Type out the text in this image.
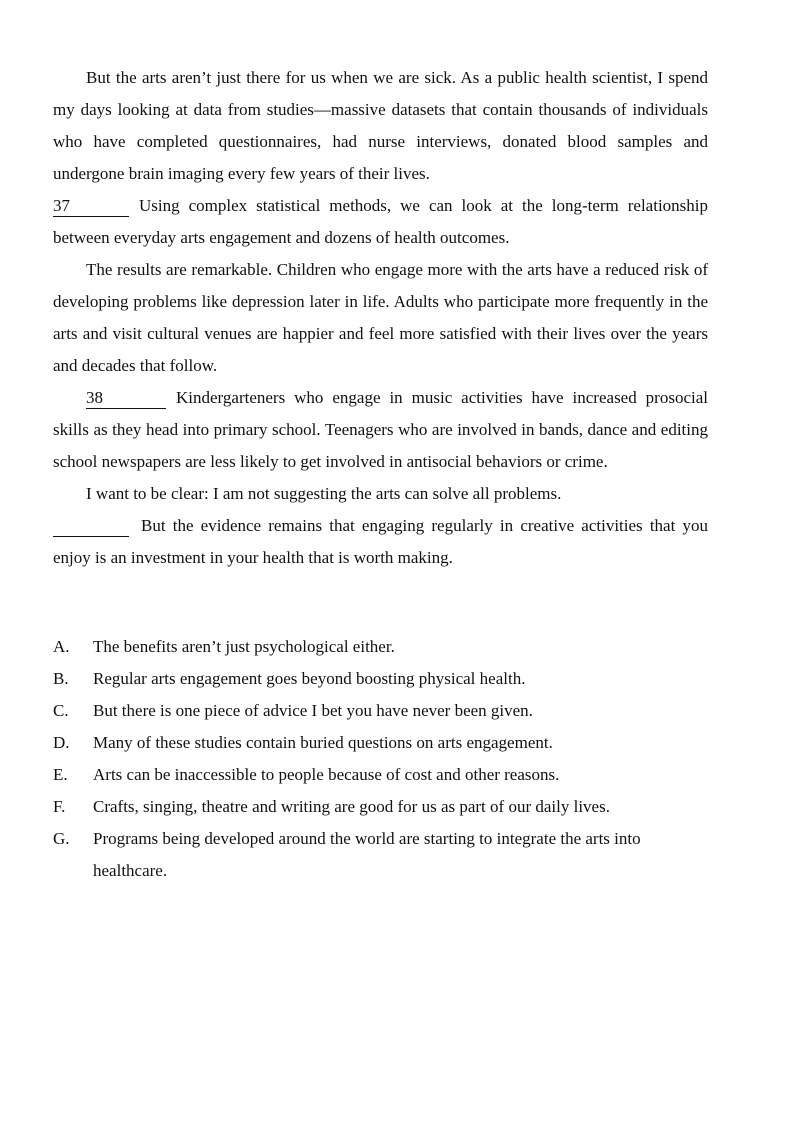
But the arts aren’t just there for us when we are sick. As a public health scientist, I spend my days looking at data from studies—massive datasets that contain thousands of individuals who have completed questionnaires, had nurse interviews, donated blood samples and undergone brain imaging every few years of their lives.
37	Using complex statistical methods, we can look at the long-term relationship between everyday arts engagement and dozens of health outcomes.

The results are remarkable. Children who engage more with the arts have a reduced risk of developing problems like depression later in life. Adults who participate more frequently in the arts and visit cultural venues are happier and feel more satisfied with their lives over the years and decades that follow.

38	Kindergarteners who engage in music activities have increased prosocial skills as they head into primary school. Teenagers who are involved in bands, dance and editing school newspapers are less likely to get involved in antisocial behaviors or crime.

I want to be clear: I am not suggesting the arts can solve all problems.
But the evidence remains that engaging regularly in creative activities that you enjoy is an investment in your health that is worth making.

A.	The benefits aren’t just psychological either.
B.	Regular arts engagement goes beyond boosting physical health.
C.	But there is one piece of advice I bet you have never been given.
D.	Many of these studies contain buried questions on arts engagement.
E.	Arts can be inaccessible to people because of cost and other reasons.
F.	Crafts, singing, theatre and writing are good for us as part of our daily lives.
G.	Programs being developed around the world are starting to integrate the arts into healthcare.
